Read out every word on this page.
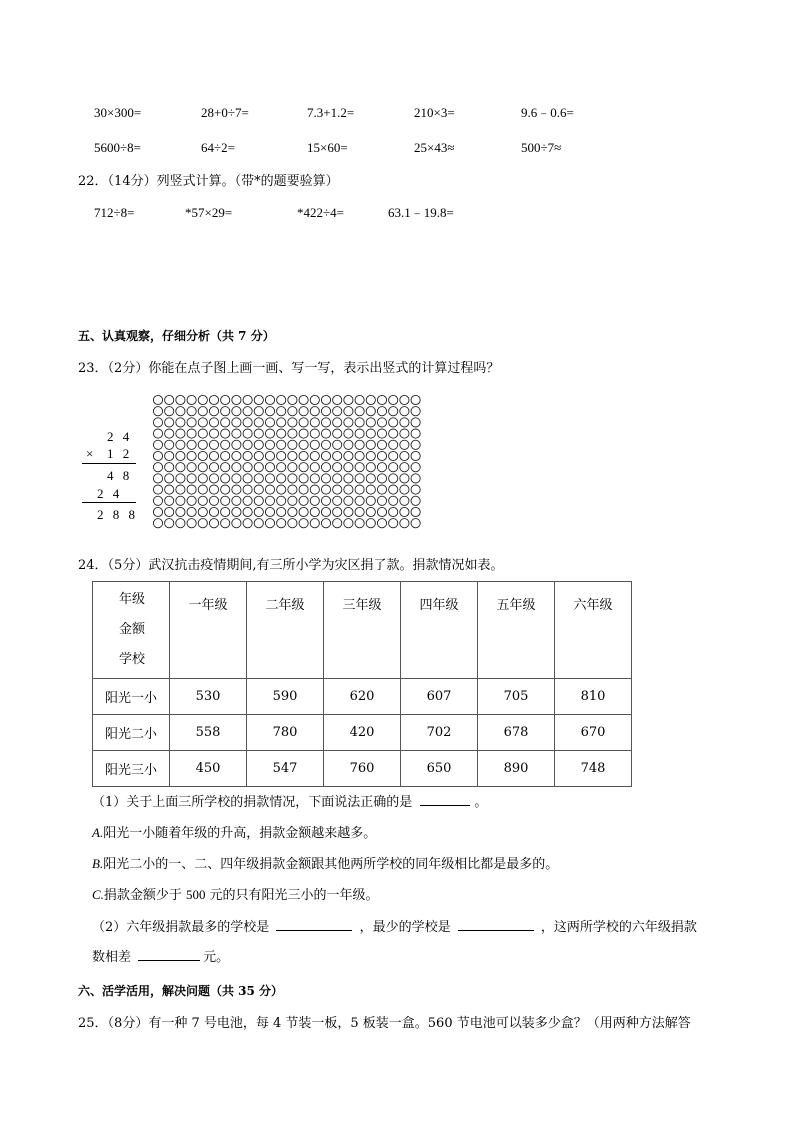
30×300=	28+0÷7=	7.3+1.2=	210×3=	9.6﹣0.6=
5600÷8=	64÷2=	15×60=	25×43≈	500÷7≈
22．（14分）列竖式计算。（带*的题要验算）
712÷8=	*57×29=	*422÷4=	63.1﹣19.8=
五、认真观察，仔细分析（共 7 分）
23．（2分）你能在点子图上画一画、写一写，表示出竖式的计算过程吗？
2 4
× 1 2
4 8
2 4
2 8 8
24．（5分）武汉抗击疫情期间,有三所小学为灾区捐了款。捐款情况如表。
年级
金额
学校	一年级	二年级	三年级	四年级	五年级	六年级

阳光一小	530	590	620	607	705	810
阳光二小	558	780	420	702	678	670
阳光三小	450	547	760	650	890	748
（1）关于上面三所学校的捐款情况，下面说法正确的是	。
A.阳光一小随着年级的升高，捐款金额越来越多。
B.阳光二小的一、二、四年级捐款金额跟其他两所学校的同年级相比都是最多的。
C.捐款金额少于 500 元的只有阳光三小的一年级。
（2）六年级捐款最多的学校是	，最少的学校是	，这两所学校的六年级捐款
数相差	元。
六、活学活用，解决问题（共 35 分）
25．（8分）有一种 7 号电池，每 4 节装一板，5 板装一盒。560 节电池可以装多少盒？（用两种方法解答
